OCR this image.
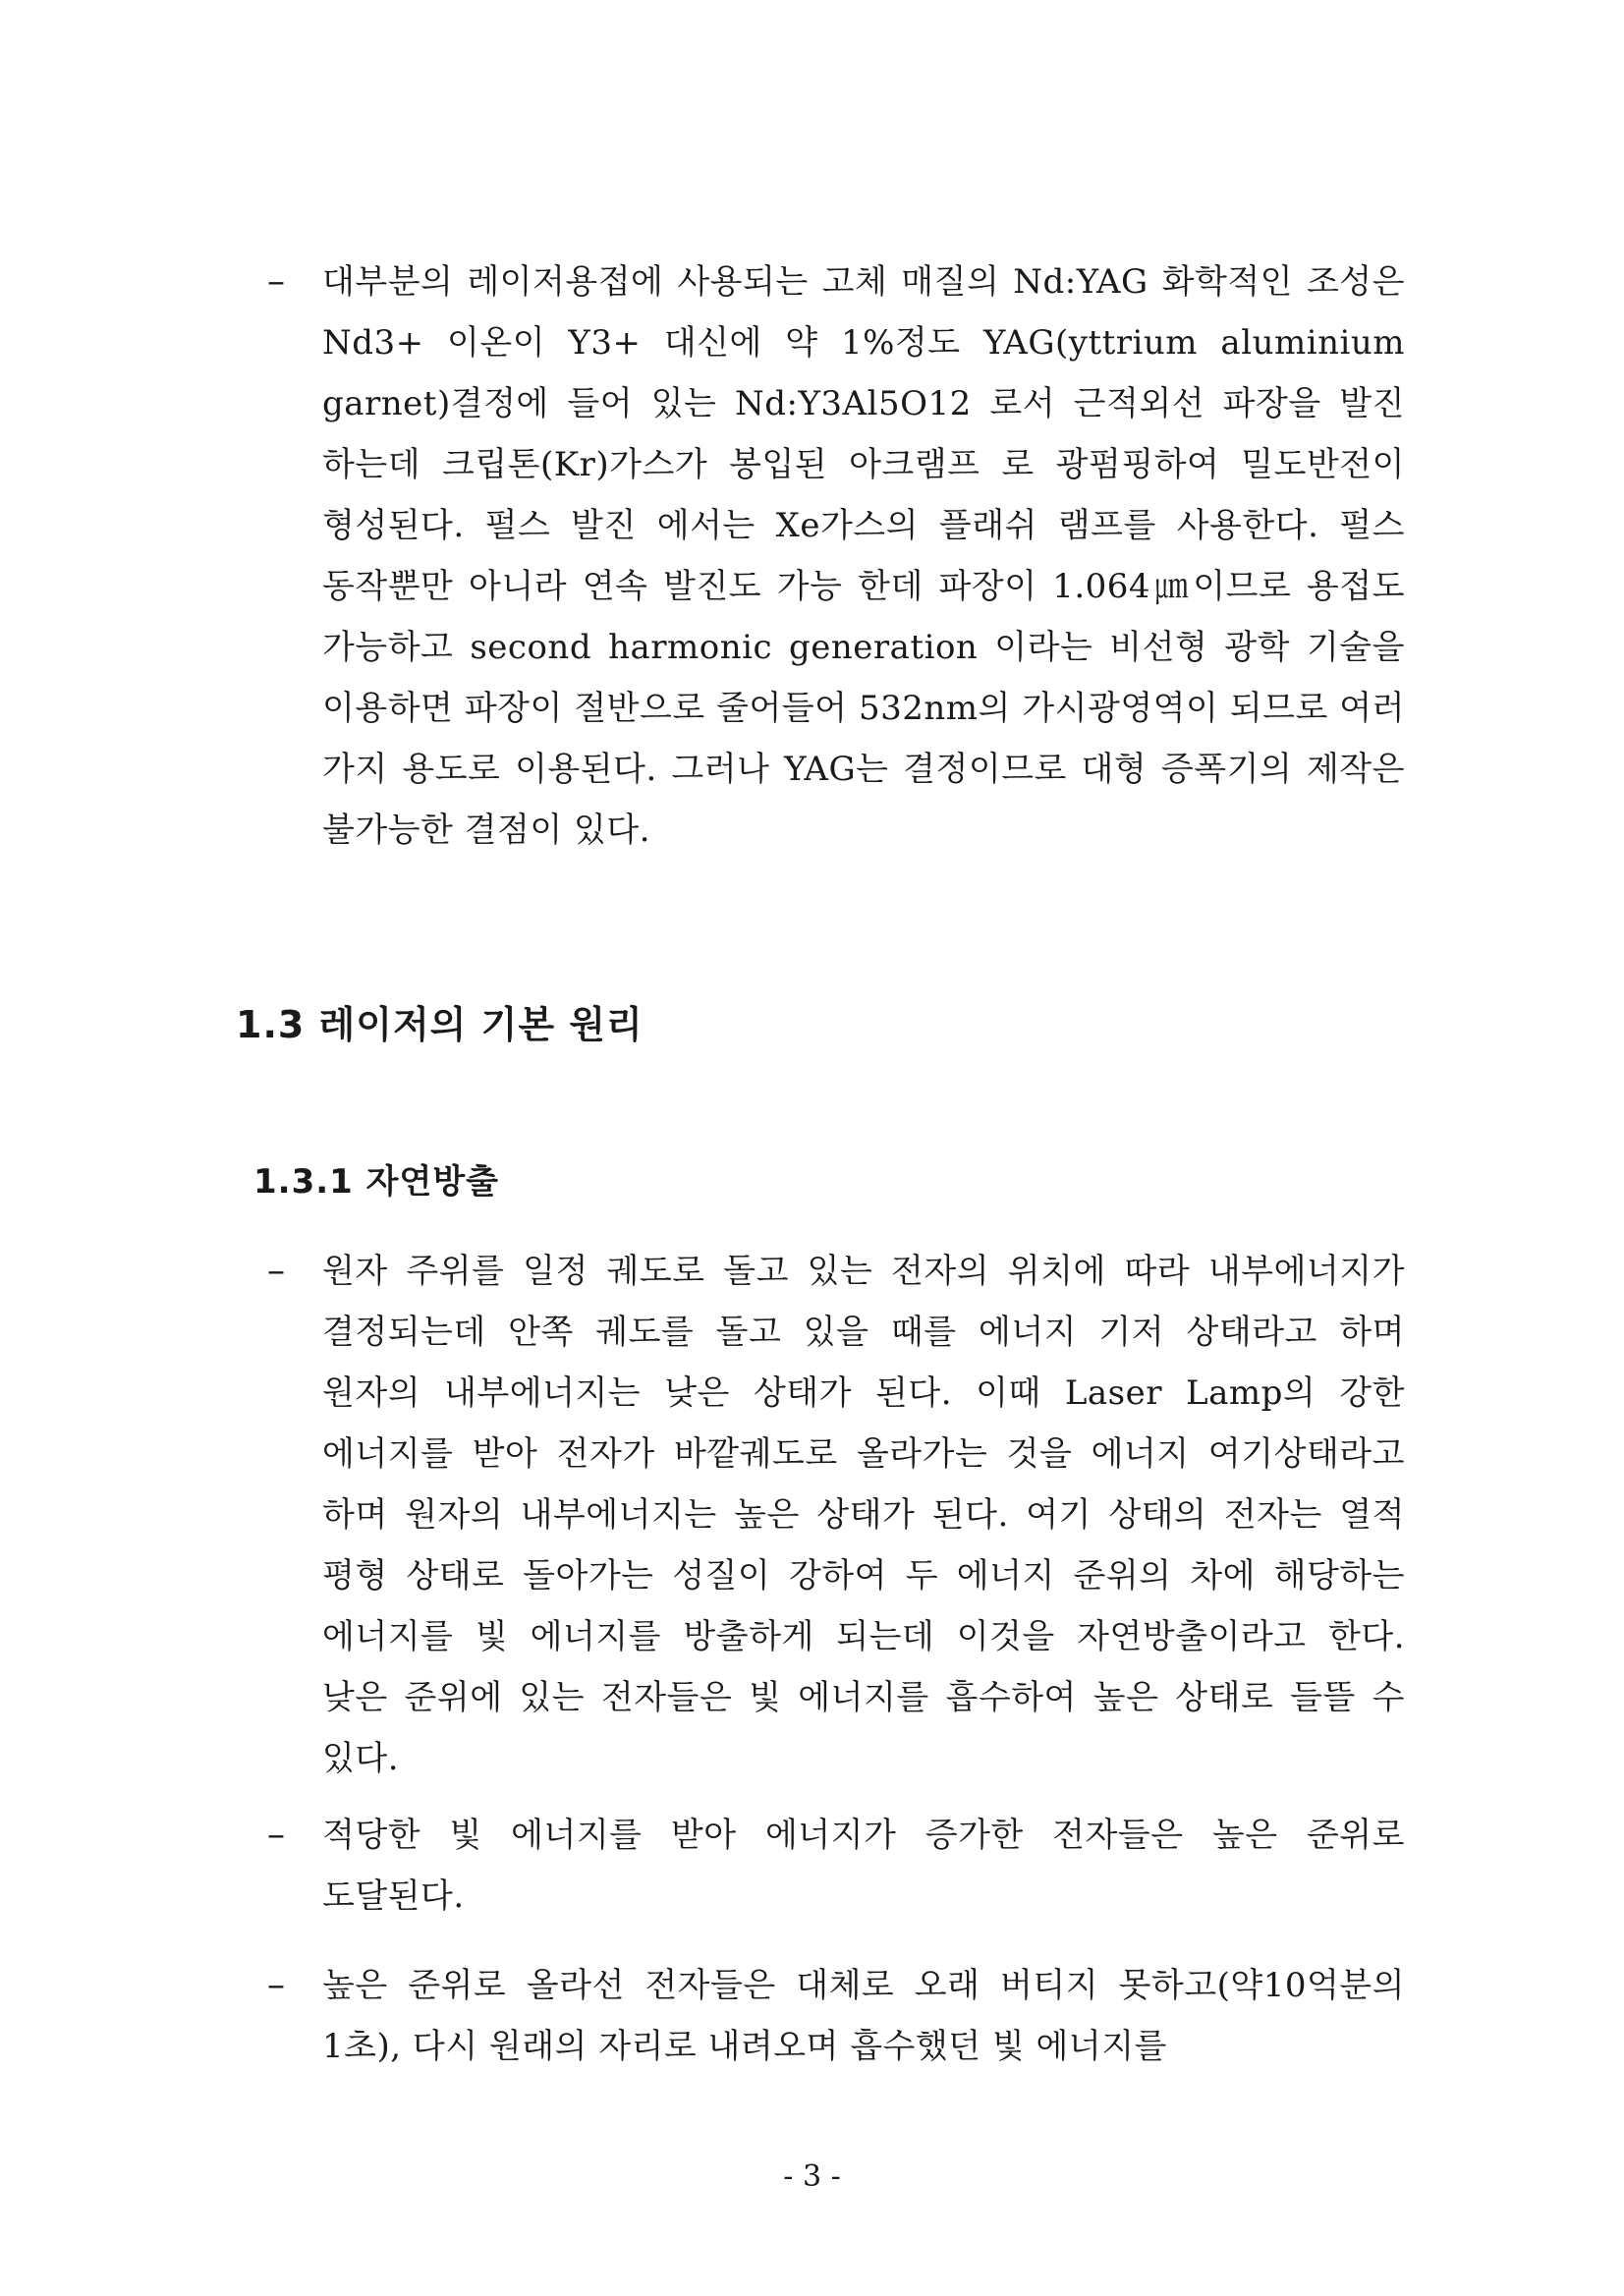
–	대부분의 레이저용접에 사용되는 고체 매질의 Nd:YAG 화학적인 조성은 Nd3+ 이온이 Y3+ 대신에 약 1%정도 YAG(yttrium aluminium garnet)결정에 들어 있는 Nd:Y3Al5O12 로서 근적외선 파장을 발진 하는데 크립톤(Kr)가스가 봉입된 아크램프 로 광펌핑하여 밀도반전이 형성된다. 펄스 발진 에서는 Xe가스의 플래쉬 램프를 사용한다. 펄스 동작뿐만 아니라 연속 발진도 가능 한데 파장이 1.064㎛이므로 용접도 가능하고 second harmonic generation 이라는 비선형 광학 기술을 이용하면 파장이 절반으로 줄어들어 532nm의 가시광영역이 되므로 여러 가지 용도로 이용된다. 그러나 YAG는 결정이므로 대형 증폭기의 제작은 불가능한 결점이 있다.
1.3 레이저의 기본 원리
1.3.1 자연방출
–	원자 주위를 일정 궤도로 돌고 있는 전자의 위치에 따라 내부에너지가 결정되는데 안쪽 궤도를 돌고 있을 때를 에너지 기저 상태라고 하며 원자의 내부에너지는 낮은 상태가 된다. 이때 Laser Lamp의 강한 에너지를 받아 전자가 바깥궤도로 올라가는 것을 에너지 여기상태라고 하며 원자의 내부에너지는 높은 상태가 된다. 여기 상태의 전자는 열적 평형 상태로 돌아가는 성질이 강하여 두 에너지 준위의 차에 해당하는 에너지를 빛 에너지를 방출하게 되는데 이것을 자연방출이라고 한다. 낮은 준위에 있는 전자들은 빛 에너지를 흡수하여 높은 상태로 들뜰 수 있다.
–	적당한 빛 에너지를 받아 에너지가 증가한 전자들은 높은 준위로 도달된다.
–	높은 준위로 올라선 전자들은 대체로 오래 버티지 못하고(약10억분의 1초), 다시 원래의 자리로 내려오며 흡수했던 빛 에너지를
- 3 -
